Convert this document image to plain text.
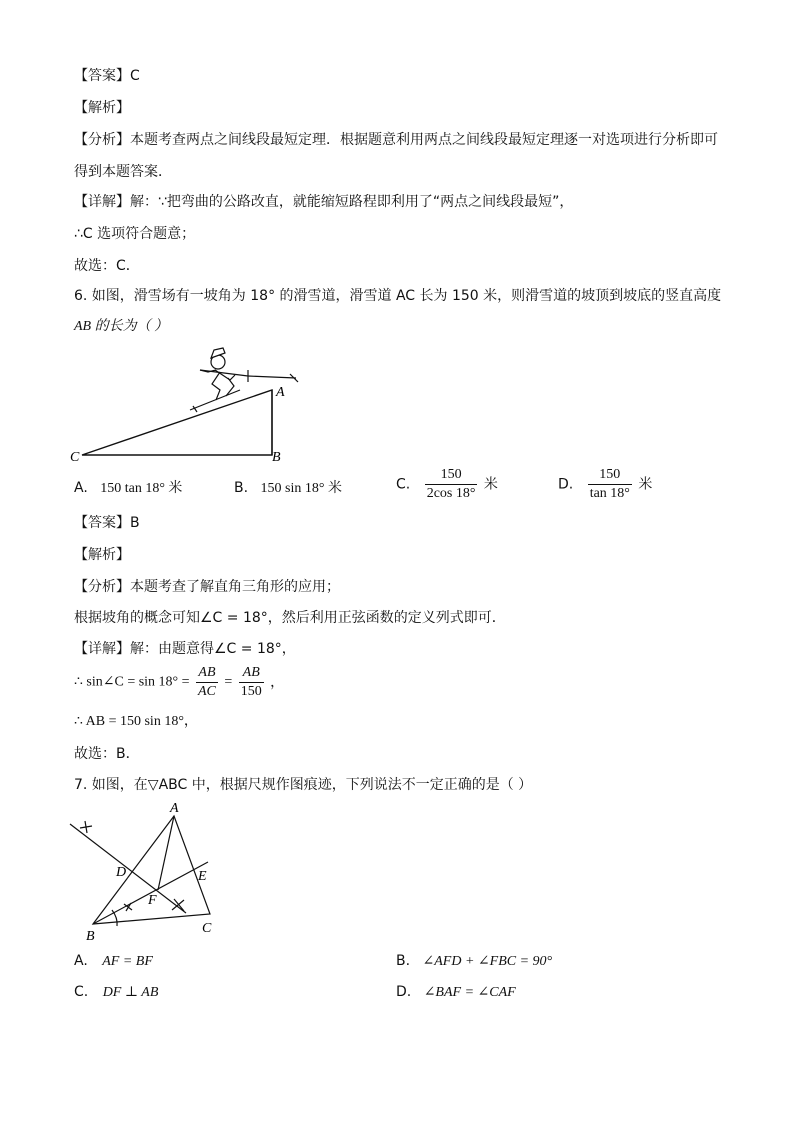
【答案】C
【解析】
【分析】本题考查两点之间线段最短定理．根据题意利用两点之间线段最短定理逐一对选项进行分析即可
得到本题答案．
【详解】解：∵把弯曲的公路改直，就能缩短路程即利用了“两点之间线段最短”，
∴C 选项符合题意；
故选：C．
6. 如图，滑雪场有一坡角为 18° 的滑雪道，滑雪道 AC 长为 150 米，则滑雪道的坡顶到坡底的竖直高度
AB 的长为（ ）
A
B
C
A. 150 tan 18° 米	B. 150 sin 18° 米	C. $\frac{150}{2\cos 18^\circ}$ 米	D. $\frac{150}{\tan 18^\circ}$ 米
【答案】B
【解析】
【分析】本题考查了解直角三角形的应用；
根据坡角的概念可知∠C = 18°，然后利用正弦函数的定义列式即可．
【详解】解：由题意得∠C = 18°，
∴ sin∠C = $\sin 18^\circ = \frac{AB}{AC} = \frac{AB}{150}$ ，
∴ AB = 150 sin 18°，
故选：B．
7. 如图，在▽ABC 中，根据尺规作图痕迹，下列说法不一定正确的是（ ）
A
B
C
D	E
F
A. AF = BF	B. ∠AFD + ∠FBC = 90°
C. DF ⊥ AB	D. ∠BAF = ∠CAF
